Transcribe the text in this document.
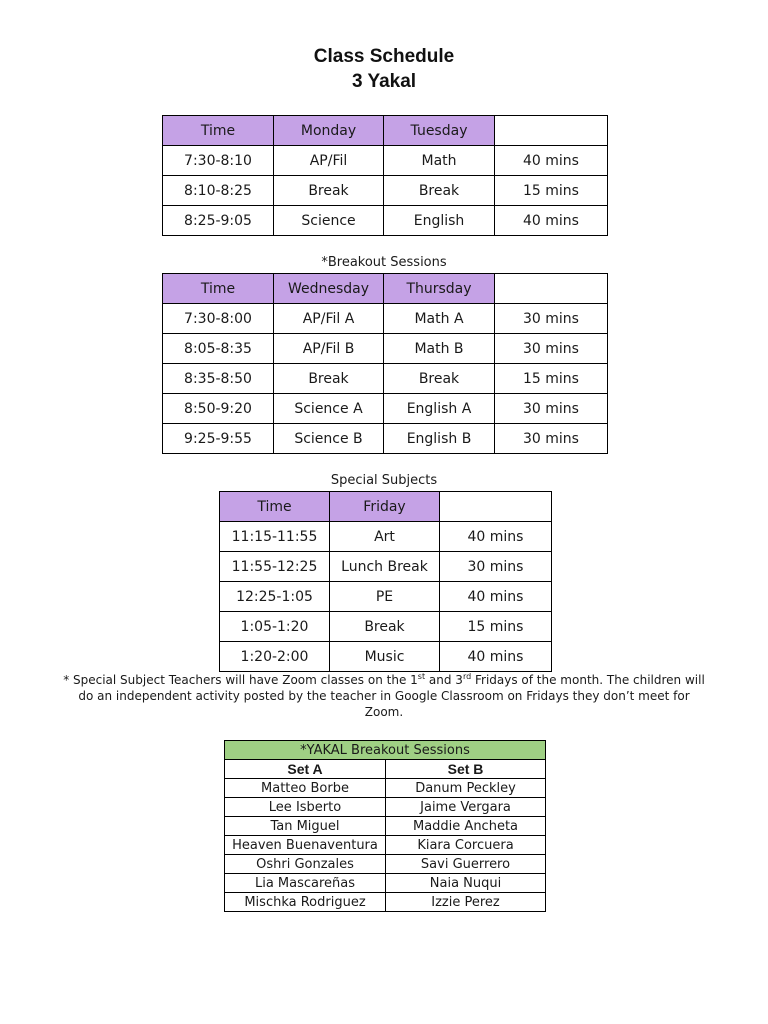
Class Schedule
3 Yakal
Time	Monday	Tuesday	
7:30-8:10	AP/Fil	Math	40 mins
8:10-8:25	Break	Break	15 mins
8:25-9:05	Science	English	40 mins
*Breakout Sessions
Time	Wednesday	Thursday	
7:30-8:00	AP/Fil A	Math A	30 mins
8:05-8:35	AP/Fil B	Math B	30 mins
8:35-8:50	Break	Break	15 mins
8:50-9:20	Science A	English A	30 mins
9:25-9:55	Science B	English B	30 mins
Special Subjects
Time	Friday	
11:15-11:55	Art	40 mins
11:55-12:25	Lunch Break	30 mins
12:25-1:05	PE	40 mins
1:05-1:20	Break	15 mins
1:20-2:00	Music	40 mins
* Special Subject Teachers will have Zoom classes on the 1st and 3rd Fridays of the month. The children will do an independent activity posted by the teacher in Google Classroom on Fridays they don’t meet for Zoom.
*YAKAL Breakout Sessions	
Set A	Set B
Matteo Borbe	Danum Peckley
Lee Isberto	Jaime Vergara
Tan Miguel	Maddie Ancheta
Heaven Buenaventura	Kiara Corcuera
Oshri Gonzales	Savi Guerrero
Lia Mascareñas	Naia Nuqui
Mischka Rodriguez	Izzie Perez
